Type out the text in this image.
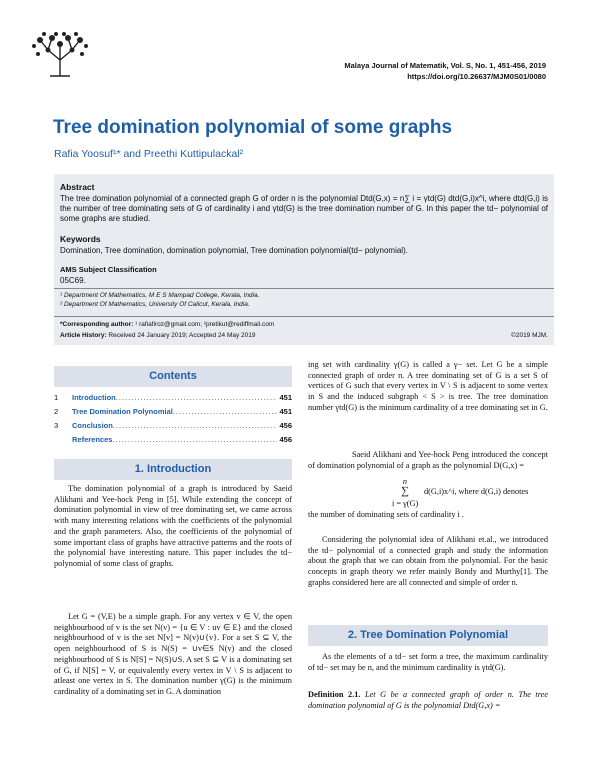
Malaya Journal of Matematik, Vol. S, No. 1, 451-456, 2019
https://doi.org/10.26637/MJM0S01/0080
Tree domination polynomial of some graphs
Rafia Yoosuf¹* and Preethi Kuttipulackal²
Abstract
The tree domination polynomial of a connected graph G of order n is the polynomial Dtd(G,x) = n∑ i = γtd(G) dtd(G,i)x^i, where dtd(G,i) is the number of tree dominating sets of G of cardinality i and γtd(G) is the tree domination number of G. In this paper the td− polynomial of some graphs are studied.
Keywords
Domination, Tree domination, domination polynomial, Tree domination polynomial(td− polynomial).
AMS Subject Classification
05C69.
¹ Department Of Mathematics, M E S Mampad College, Kerala, India.
² Department Of Mathematics, University Of Calicut, Kerala, India.
*Corresponding author: ¹ rafiafiroz@gmail.com; ²pretikut@rediffmail.com
Article History: Received 24 January 2019; Accepted 24 May 2019	©2019 MJM.
Contents
1	Introduction .....	451
2	Tree Domination Polynomial .....	451
3	Conclusion .....	456
References .....	456
1. Introduction

The domination polynomial of a graph is introduced by Saeid Alikhani and Yee-hock Peng in [5]. While extending the concept of domination polynomial in view of tree dominating set, we came across with many interesting relations with the coefficients of the polynomial and the graph parameters. Also, the coefficients of the polynomial of some important class of graphs have attractive patterns and the roots of the polynomial have interesting nature. This paper includes the td− polynomial of some class of graphs.

Let G = (V,E) be a simple graph. For any vertex v ∈ V, the open neighbourhood of v is the set N(v) = {u ∈ V : uv ∈ E} and the closed neighbourhood of v is the set N[v] = N(v)∪{v}. For a set S ⊆ V, the open neighbourhood of S is N(S) = ∪v∈S N(v) and the closed neighbourhood of S is N[S] = N(S)∪S. A set S ⊆ V is a dominating set of G, if N[S] = V, or equivalently every vertex in V \ S is adjacent to atleast one vertex in S. The domination number γ(G) is the minimum cardinality of a dominating set in G. A domination

ing set with cardinality γ(G) is called a γ− set. Let G be a simple connected graph of order n. A tree dominating set of G is a set S of vertices of G such that every vertex in V \ S is adjacent to some vertex in S and the induced subgraph < S > is tree. The tree domination number γtd(G) is the minimum cardinality of a tree dominating set in G.

Saeid Alikhani and Yee-hock Peng introduced the concept of domination polynomial of a graph as the polynomial D(G,x) =

n
∑
i = γ(G)
d(G,i)x^i, where d(G,i) denotes

the number of dominating sets of cardinality i .

Considering the polynomial idea of Alikhani et.al., we introduced the td− polynomial of a connected graph and study the information about the graph that we can obtain from the polynomial. For the basic concepts in graph theory we refer mainly Bondy and Murthy[1]. The graphs considered here are all connected and simple of order n.

2. Tree Domination Polynomial

As the elements of a td− set form a tree, the maximum cardinality of td− set may be n, and the minimum cardinality is γtd(G).

Definition 2.1. Let G be a connected graph of order n. The tree domination polynomial of G is the polynomial Dtd(G,x) =
